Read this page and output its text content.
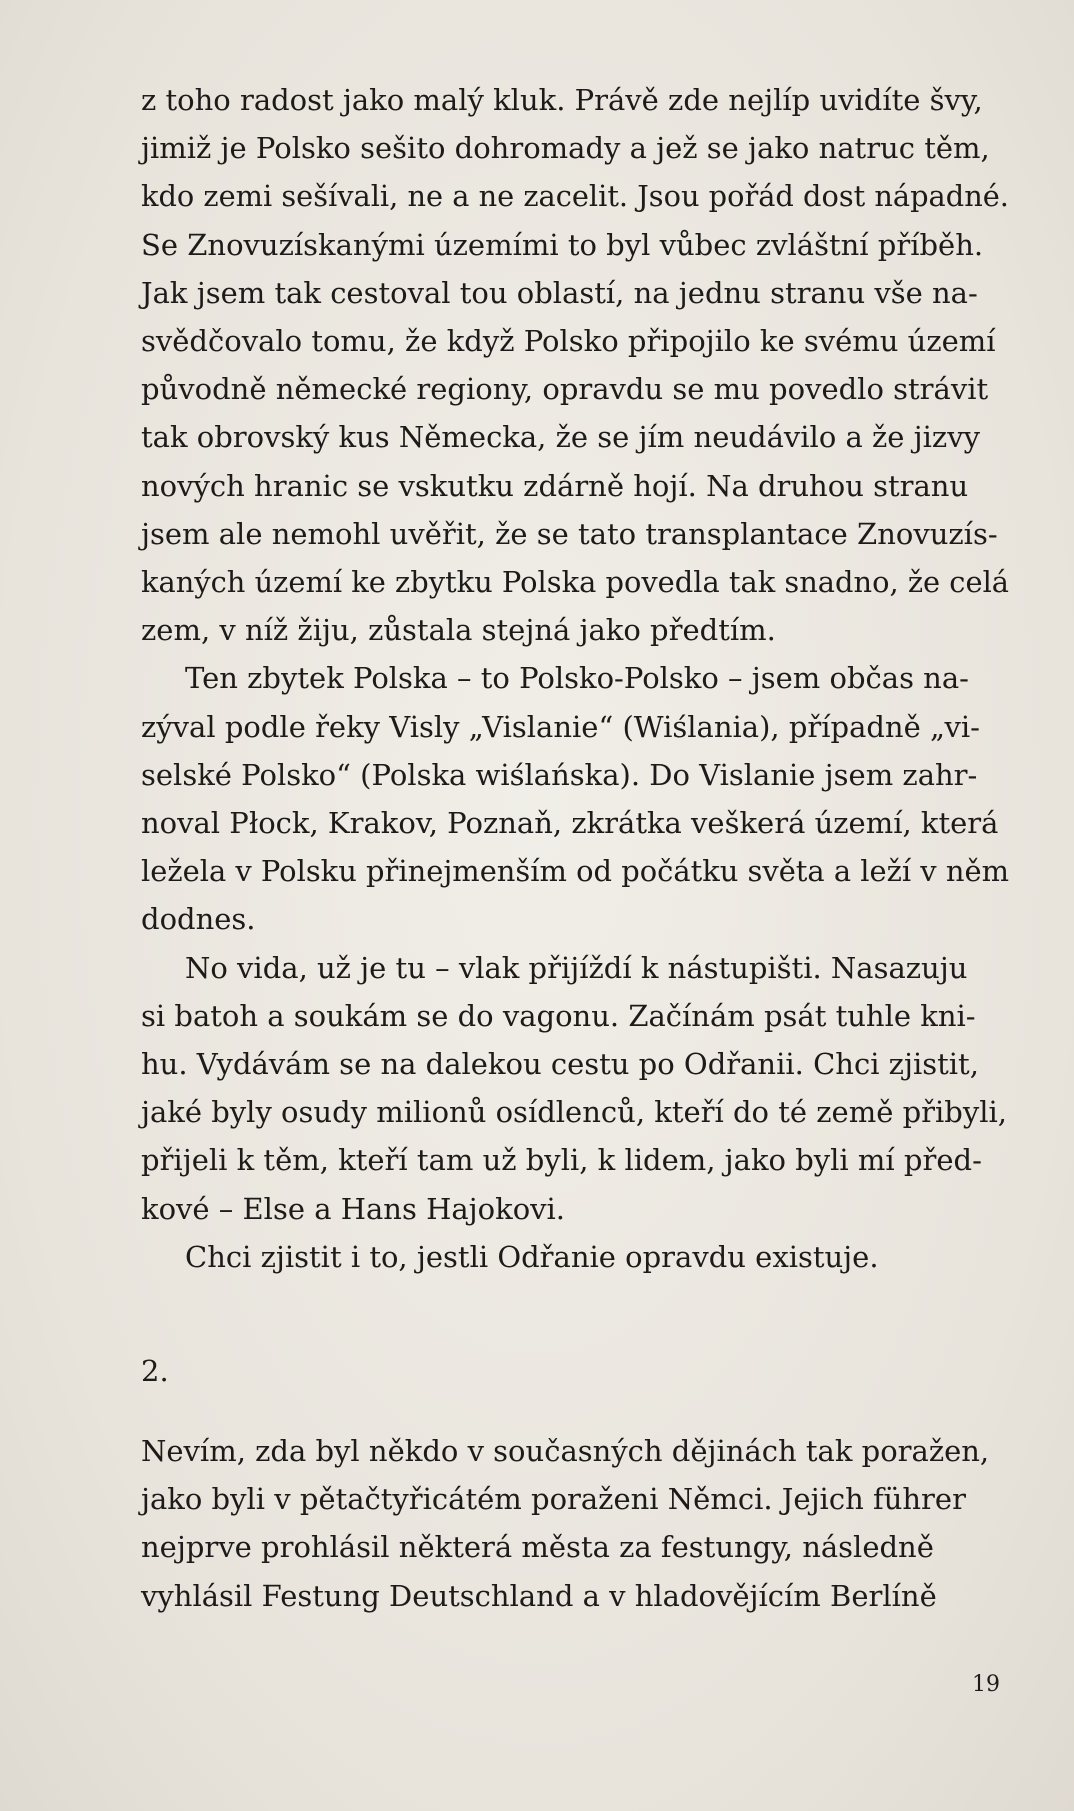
z toho radost jako malý kluk. Právě zde nejlíp uvidíte švy,
jimiž je Polsko sešito dohromady a jež se jako natruc těm,
kdo zemi sešívali, ne a ne zacelit. Jsou pořád dost nápadné.
Se Znovuzískanými územími to byl vůbec zvláštní příběh.
Jak jsem tak cestoval tou oblastí, na jednu stranu vše na-
svědčovalo tomu, že když Polsko připojilo ke svému území
původně německé regiony, opravdu se mu povedlo strávit
tak obrovský kus Německa, že se jím neudávilo a že jizvy
nových hranic se vskutku zdárně hojí. Na druhou stranu
jsem ale nemohl uvěřit, že se tato transplantace Znovuzís-
kaných území ke zbytku Polska povedla tak snadno, že celá
zem, v níž žiju, zůstala stejná jako předtím.

Ten zbytek Polska – to Polsko-Polsko – jsem občas na-
zýval podle řeky Visly „Vislanie“ (Wiślania), případně „vi-
selské Polsko“ (Polska wiślańska). Do Vislanie jsem zahr-
noval Płock, Krakov, Poznaň, zkrátka veškerá území, která
ležela v Polsku přinejmenším od počátku světa a leží v něm
dodnes.

No vida, už je tu – vlak přijíždí k nástupišti. Nasazuju
si batoh a soukám se do vagonu. Začínám psát tuhle kni-
hu. Vydávám se na dalekou cestu po Odřanii. Chci zjistit,
jaké byly osudy milionů osídlenců, kteří do té země přibyli,
přijeli k těm, kteří tam už byli, k lidem, jako byli mí před-
kové – Else a Hans Hajokovi.

Chci zjistit i to, jestli Odřanie opravdu existuje.

2.

Nevím, zda byl někdo v současných dějinách tak poražen,
jako byli v pětačtyřicátém poraženi Němci. Jejich führer
nejprve prohlásil některá města za festungy, následně
vyhlásil Festung Deutschland a v hladovějícím Berlíně

19
